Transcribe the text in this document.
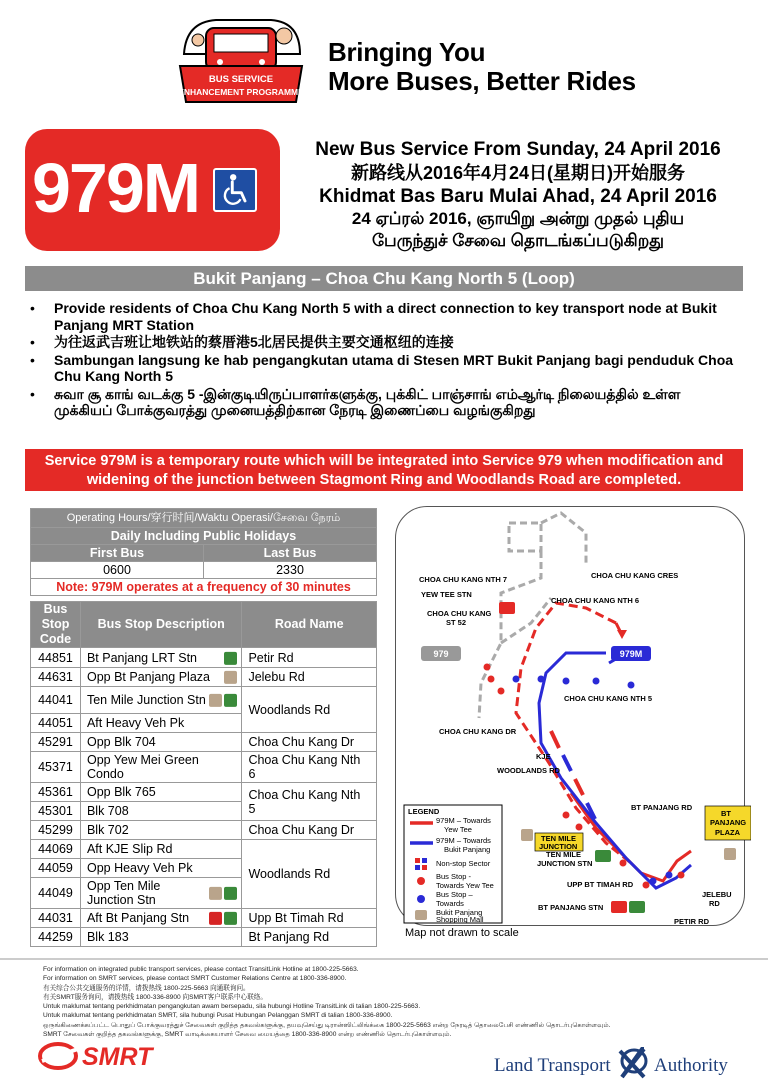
BUS SERVICE
ENHANCEMENT PROGRAMME
Bringing You
More Buses, Better Rides
979M	New Bus Service From Sunday, 24 April 2016
新路线从2016年4月24日(星期日)开始服务
Khidmat Bas Baru Mulai Ahad, 24 April 2016
24 ஏப்ரல் 2016, ஞாயிறு அன்று முதல் புதிய
பேருந்துச் சேவை தொடங்கப்படுகிறது
Bukit Panjang – Choa Chu Kang North 5 (Loop)
• Provide residents of Choa Chu Kang North 5 with a direct connection to key transport node at Bukit Panjang MRT Station
• 为往返武吉班让地铁站的蔡厝港5北居民提供主要交通枢纽的连接
• Sambungan langsung ke hab pengangkutan utama di Stesen MRT Bukit Panjang bagi penduduk Choa Chu Kang North 5
• சுவா சூ காங் வடக்கு 5 -இன்குடியிருப்பாளர்களுக்கு, புக்கிட் பாஞ்சாங் எம்ஆர்டி நிலையத்தில் உள்ள முக்கியப் போக்குவரத்து முனையத்திற்கான நேரடி இணைப்பை வழங்குகிறது
Service 979M is a temporary route which will be integrated into Service 979 when modification and widening of the junction between Stagmont Ring and Woodlands Road are completed.
Operating Hours/穿行时间/Waktu Operasi/சேவை நேரம்
Daily Including Public Holidays
First Bus	Last Bus
0600	2330
Note: 979M operates at a frequency of 30 minutes
Bus Stop Code	Bus Stop Description	Road Name
44851	Bt Panjang LRT Stn	Petir Rd
44631	Opp Bt Panjang Plaza	Jelebu Rd
44041	Ten Mile Junction Stn	Woodlands Rd
44051	Aft Heavy Veh Pk	
45291	Opp Blk 704	Choa Chu Kang Dr
45371	Opp Yew Mei Green Condo	Choa Chu Kang Nth 6
45361	Opp Blk 765	Choa Chu Kang Nth 5
45301	Blk 708	
45299	Blk 702	Choa Chu Kang Dr
44069	Aft KJE Slip Rd	Woodlands Rd
44059	Opp Heavy Veh Pk	
44049	Opp Ten Mile Junction Stn	

44031	Aft Bt Panjang Stn	Upp Bt Timah Rd
44259	Blk 183	Bt Panjang Rd
979	979M
CHOA CHU KANG NTH 7	CHOA CHU KANG CRES
YEW TEE STN
CHOA CHU KANG NTH 6
CHOA CHU KANG
ST 52
CHOA CHU KANG NTH 5
CHOA CHU KANG DR
KJE
WOODLANDS RD
BT PANJANG RD
BT
PANJANG
PLAZA
TEN MILE
JUNCTION
TEN MILE
JUNCTION STN
UPP BT TIMAH RD
BT PANJANG STN
JELEBU
RD
PETIR RD
LEGEND
979M – Towards
Yew Tee
979M – Towards
Bukit Panjang
Non-stop Sector
Bus Stop -
Towards Yew Tee
Bus Stop –
Towards
Bukit Panjang
Shopping Mall
Map not drawn to scale
For information on integrated public transport services, please contact TransitLink Hotline at 1800-225-5663.
For information on SMRT services, please contact SMRT Customer Relations Centre at 1800-336-8900.
有关综合公共交通服务的详情，请拨热线 1800-225-5663 向通联询问。
有关SMRT服务询问，请拨热线 1800-336-8900 向SMRT客户联系中心联络。
Untuk maklumat tentang perkhidmatan pengangkutan awam bersepadu, sila hubungi Hotline TransitLink di talian 1800-225-5663.
Untuk maklumat tentang perkhidmatan SMRT, sila hubungi Pusat Hubungan Pelanggan SMRT di talian 1800-336-8900.
ஒருங்கிணைக்கப்பட்ட பொதுப் போக்குவரத்துச் சேவைகள் குறித்த தகவல்களுக்கு, தயவுசெய்து டிரான்ஸிட்லிங்க்கை 1800-225-5663 என்ற நேரடித் தொலைபேசி எண்ணில் தொடர்புகொள்ளவும்.
SMRT சேவைகள் குறித்த தகவல்களுக்கு, SMRT வாடிக்கையாளர் சேவை மையத்தை 1800-336-8900 என்ற எண்ணில் தொடர்புகொள்ளவும்.
SMRT	Land Transport Authority
